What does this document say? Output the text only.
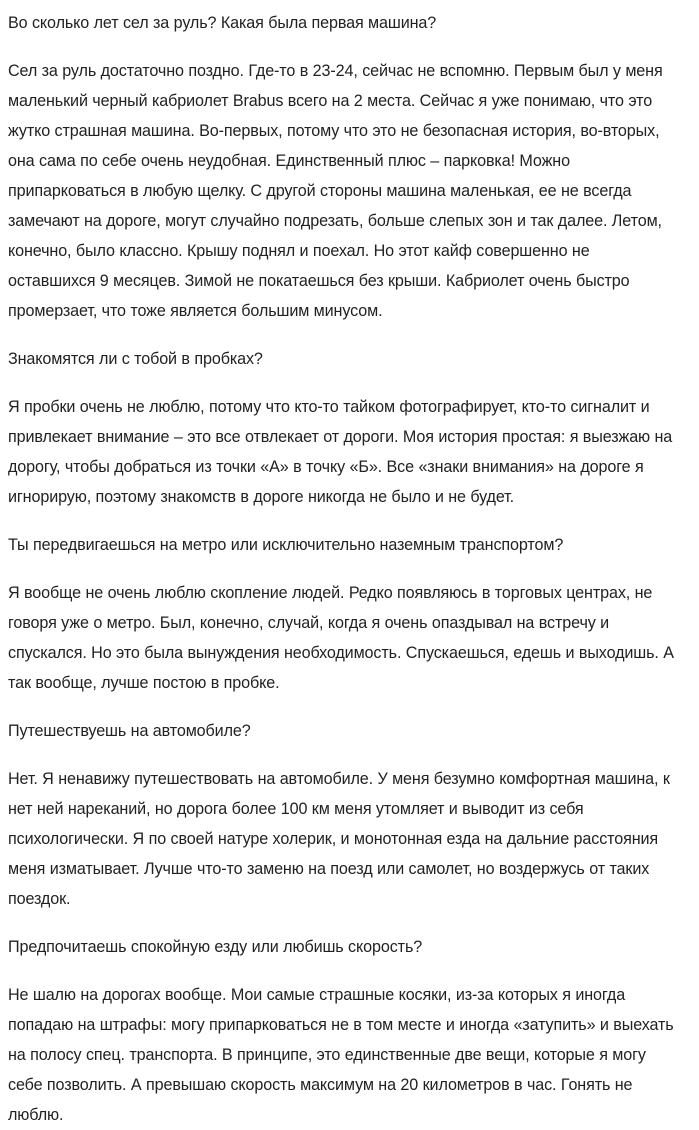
Во сколько лет сел за руль? Какая была первая машина?

Сел за руль достаточно поздно. Где-то в 23-24, сейчас не вспомню. Первым был у меня маленький черный кабриолет Brabus всего на 2 места. Сейчас я уже понимаю, что это жутко страшная машина. Во-первых, потому что это не безопасная история, во-вторых, она сама по себе очень неудобная. Единственный плюс – парковка! Можно припарковаться в любую щелку. С другой стороны машина маленькая, ее не всегда замечают на дороге, могут случайно подрезать, больше слепых зон и так далее. Летом, конечно, было классно. Крышу поднял и поехал. Но этот кайф совершенно не оставшихся 9 месяцев. Зимой не покатаешься без крыши. Кабриолет очень быстро промерзает, что тоже является большим минусом.

Знакомятся ли с тобой в пробках?

Я пробки очень не люблю, потому что кто-то тайком фотографирует, кто-то сигналит и привлекает внимание – это все отвлекает от дороги. Моя история простая: я выезжаю на дорогу, чтобы добраться из точки «А» в точку «Б». Все «знаки внимания» на дороге я игнорирую, поэтому знакомств в дороге никогда не было и не будет.

Ты передвигаешься на метро или исключительно наземным транспортом?

Я вообще не очень люблю скопление людей. Редко появляюсь в торговых центрах, не говоря уже о метро. Был, конечно, случай, когда я очень опаздывал на встречу и спускался. Но это была вынуждения необходимость. Спускаешься, едешь и выходишь. А так вообще, лучше постою в пробке.

Путешествуешь на автомобиле?

Нет. Я ненавижу путешествовать на автомобиле. У меня безумно комфортная машина, к нет ней нареканий, но дорога более 100 км меня утомляет и выводит из себя психологически. Я по своей натуре холерик, и монотонная езда на дальние расстояния меня изматывает. Лучше что-то заменю на поезд или самолет, но воздержусь от таких поездок.

Предпочитаешь спокойную езду или любишь скорость?

Не шалю на дорогах вообще. Мои самые страшные косяки, из-за которых я иногда попадаю на штрафы: могу припарковаться не в том месте и иногда «затупить» и выехать на полосу спец. транспорта. В принципе, это единственные две вещи, которые я могу себе позволить. А превышаю скорость максимум на 20 километров в час. Гонять не люблю.
